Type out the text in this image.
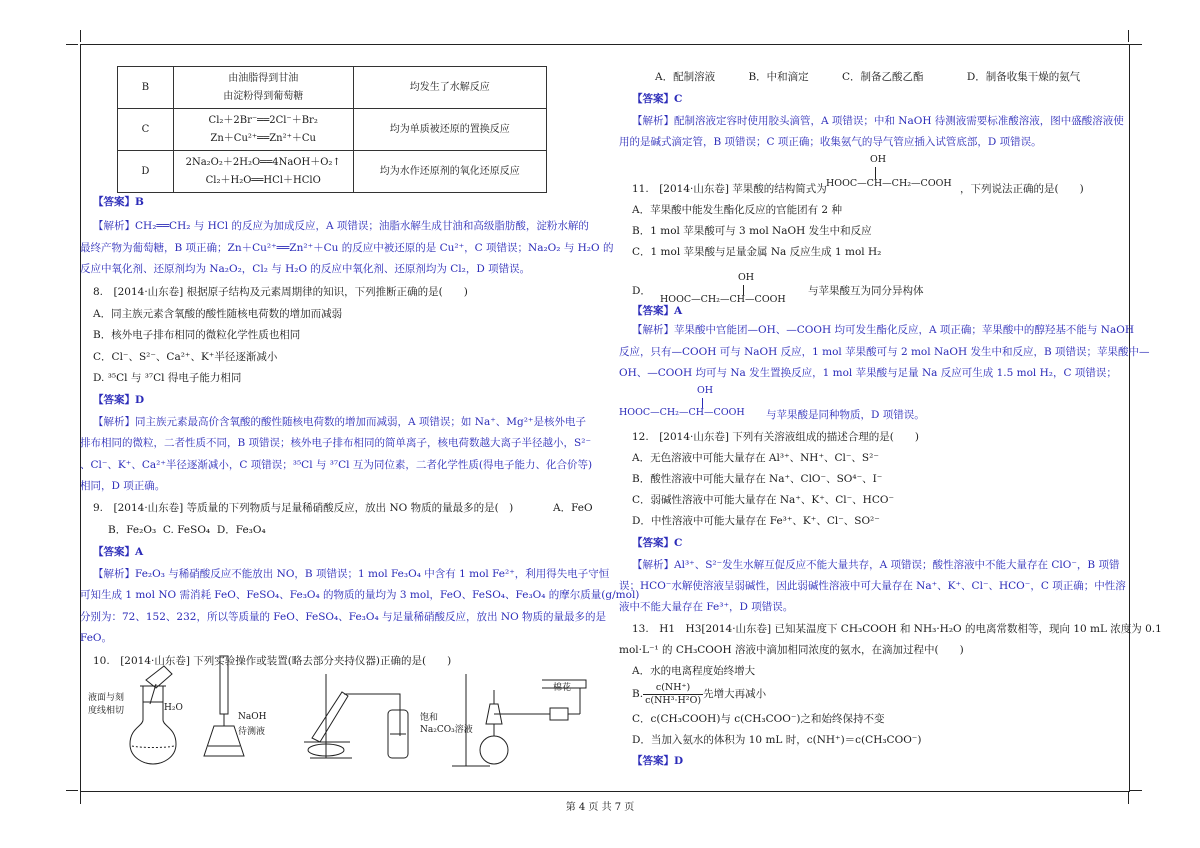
B	由油脂得到甘油
由淀粉得到葡萄糖	均发生了水解反应
C	Cl₂＋2Br⁻══2Cl⁻＋Br₂
Zn＋Cu²⁺══Zn²⁺＋Cu	均为单质被还原的置换反应
D	2Na₂O₂＋2H₂O══4NaOH＋O₂↑
Cl₂＋H₂O══HCl＋HClO	均为水作还原剂的氧化还原反应
【答案】B
【解析】CH₂══CH₂ 与 HCl 的反应为加成反应，A 项错误；油脂水解生成甘油和高级脂肪酸，淀粉水解的
最终产物为葡萄糖，B 项正确；Zn＋Cu²⁺══Zn²⁺＋Cu 的反应中被还原的是 Cu²⁺，C 项错误；Na₂O₂ 与 H₂O 的
反应中氧化剂、还原剂均为 Na₂O₂，Cl₂ 与 H₂O 的反应中氧化剂、还原剂均为 Cl₂，D 项错误。
8.　[2014·山东卷] 根据原子结构及元素周期律的知识，下列推断正确的是(　　)
A．同主族元素含氧酸的酸性随核电荷数的增加而减弱
B．核外电子排布相同的微粒化学性质也相同
C．Cl⁻、S²⁻、Ca²⁺、K⁺半径逐渐减小
D. ³⁵Cl 与 ³⁷Cl 得电子能力相同
【答案】D
【解析】同主族元素最高价含氧酸的酸性随核电荷数的增加而减弱，A 项错误；如 Na⁺、Mg²⁺是核外电子
排布相同的微粒，二者性质不同，B 项错误；核外电子排布相同的简单离子，核电荷数越大离子半径越小，S²⁻
、Cl⁻、K⁺、Ca²⁺半径逐渐减小，C 项错误；³⁵Cl 与 ³⁷Cl 互为同位素，二者化学性质(得电子能力、化合价等)
相同，D 项正确。
9.　[2014·山东卷] 等质量的下列物质与足量稀硝酸反应，放出 NO 物质的量最多的是(　)	A．FeO
B．Fe₂O₃ C. FeSO₄ D．Fe₃O₄
【答案】A
【解析】Fe₂O₃ 与稀硝酸反应不能放出 NO，B 项错误；1 mol Fe₃O₄ 中含有 1 mol Fe²⁺，利用得失电子守恒
可知生成 1 mol NO 需消耗 FeO、FeSO₄、Fe₃O₄ 的物质的量均为 3 mol，FeO、FeSO₄、Fe₃O₄ 的摩尔质量(g/mol)
分别为：72、152、232，所以等质量的 FeO、FeSO₄、Fe₃O₄ 与足量稀硝酸反应，放出 NO 物质的量最多的是
FeO。
10.　[2014·山东卷] 下列实验操作或装置(略去部分夹持仪器)正确的是(　　)
液面与刻
度线相切	H₂O
NaOH
待测液
饱和
Na₂CO₃溶液
棉花
A．配制溶液	B．中和滴定	C．制备乙酸乙酯	D．制备收集干燥的氨气
【答案】C
【解析】配制溶液定容时使用胶头滴管，A 项错误；中和 NaOH 待测液需要标准酸溶液，图中盛酸溶液使
用的是碱式滴定管，B 项错误；C 项正确；收集氨气的导气管应插入试管底部，D 项错误。
11.　[2014·山东卷] 苹果酸的结构简式为
OH
HOOC—CH—CH₂—COOH ，下列说法正确的是(　　)
A．苹果酸中能发生酯化反应的官能团有 2 种
B．1 mol 苹果酸可与 3 mol NaOH 发生中和反应
C．1 mol 苹果酸与足量金属 Na 反应生成 1 mol H₂
D．
OH
HOOC—CH₂—CH—COOH
与苹果酸互为同分异构体
【答案】A
【解析】苹果酸中官能团—OH、—COOH 均可发生酯化反应，A 项正确；苹果酸中的醇羟基不能与 NaOH
反应，只有—COOH 可与 NaOH 反应，1 mol 苹果酸可与 2 mol NaOH 发生中和反应，B 项错误；苹果酸中—
OH、—COOH 均可与 Na 发生置换反应，1 mol 苹果酸与足量 Na 反应可生成 1.5 mol H₂，C 项错误；
OH
HOOC—CH₂—CH—COOH 与苹果酸是同种物质，D 项错误。
12.　[2014·山东卷] 下列有关溶液组成的描述合理的是(　　)
A．无色溶液中可能大量存在 Al³⁺、NH⁺、Cl⁻、S²⁻
B．酸性溶液中可能大量存在 Na⁺、ClO⁻、SO⁴⁻、I⁻
C．弱碱性溶液中可能大量存在 Na⁺、K⁺、Cl⁻、HCO⁻
D．中性溶液中可能大量存在 Fe³⁺、K⁺、Cl⁻、SO²⁻
【答案】C
【解析】Al³⁺、S²⁻发生水解互促反应不能大量共存，A 项错误；酸性溶液中不能大量存在 ClO⁻，B 项错
误；HCO⁻水解使溶液呈弱碱性，因此弱碱性溶液中可大量存在 Na⁺、K⁺、Cl⁻、HCO⁻，C 项正确；中性溶
液中不能大量存在 Fe³⁺，D 项错误。
13.　H1　H3[2014·山东卷] 已知某温度下 CH₃COOH 和 NH₃·H₂O 的电离常数相等，现向 10 mL 浓度为 0.1
mol·L⁻¹ 的 CH₃COOH 溶液中滴加相同浓度的氨水，在滴加过程中(　　)
A．水的电离程度始终增大
B. $\frac{c(NH^+)}{\text{c(NH³·H²O)}}$ 先增大再减小
C．c(CH₃COOH)与 c(CH₃COO⁻)之和始终保持不变
D．当加入氨水的体积为 10 mL 时，c(NH⁺)＝c(CH₃COO⁻)
【答案】D
第 4 页 共 7 页
